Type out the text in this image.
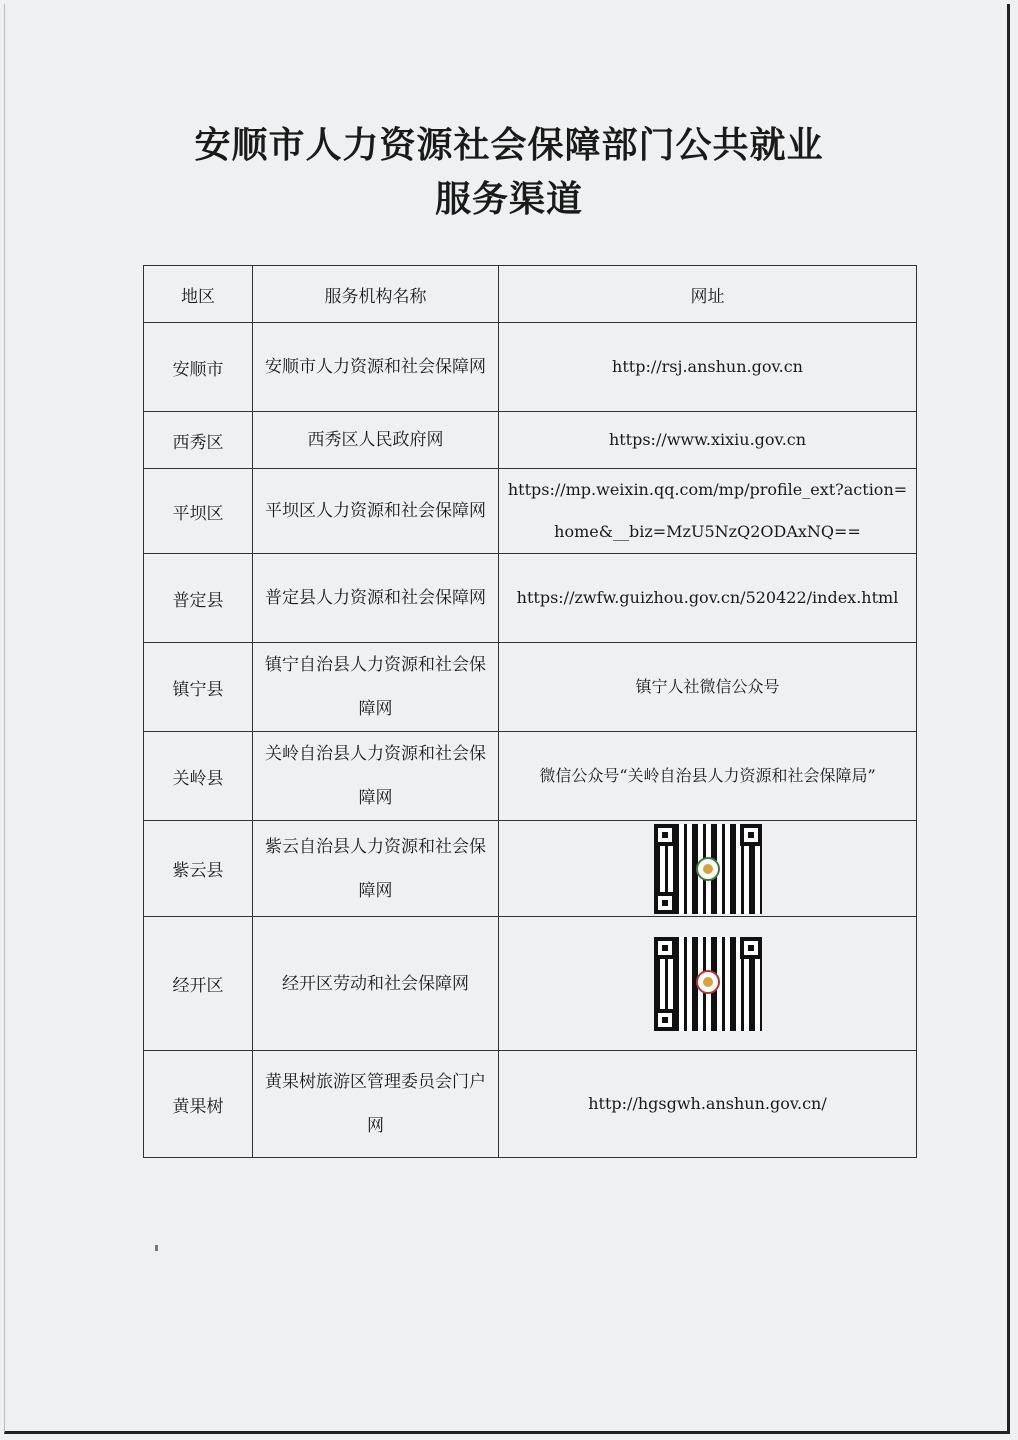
安顺市人力资源社会保障部门公共就业
服务渠道
地区	服务机构名称	网址
安顺市	安顺市人力资源和社会保障网	http://rsj.anshun.gov.cn
西秀区	西秀区人民政府网	https://www.xixiu.gov.cn
平坝区	平坝区人力资源和社会保障网	https://mp.weixin.qq.com/mp/profile_ext?action=home&__biz=MzU5NzQ2ODAxNQ==
普定县	普定县人力资源和社会保障网	https://zwfw.guizhou.gov.cn/520422/index.html
镇宁县	镇宁自治县人力资源和社会保障网	镇宁人社微信公众号
关岭县	关岭自治县人力资源和社会保障网	微信公众号“关岭自治县人力资源和社会保障局”
紫云县	紫云自治县人力资源和社会保障网	

经开区	经开区劳动和社会保障网	

黄果树	黄果树旅游区管理委员会门户网	http://hgsgwh.anshun.gov.cn/
